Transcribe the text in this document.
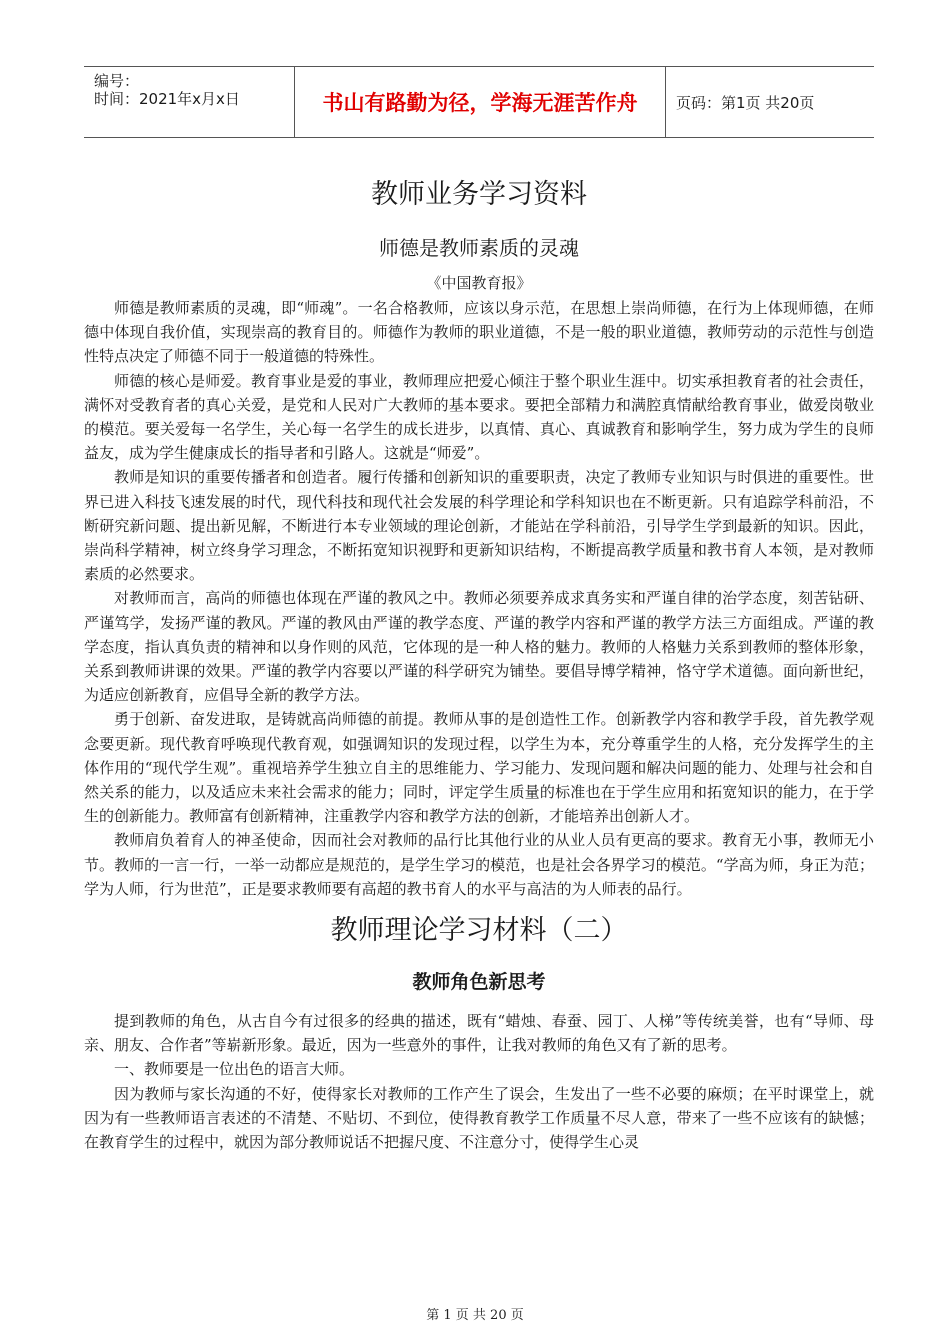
编号：
时间：2021年x月x日	书山有路勤为径，学海无涯苦作舟	页码：第1页 共20页
教师业务学习资料
师德是教师素质的灵魂
《中国教育报》

师德是教师素质的灵魂，即“师魂”。一名合格教师，应该以身示范，在思想上崇尚师德，在行为上体现师德，在师德中体现自我价值，实现崇高的教育目的。师德作为教师的职业道德，不是一般的职业道德，教师劳动的示范性与创造性特点决定了师德不同于一般道德的特殊性。

师德的核心是师爱。教育事业是爱的事业，教师理应把爱心倾注于整个职业生涯中。切实承担教育者的社会责任，满怀对受教育者的真心关爱，是党和人民对广大教师的基本要求。要把全部精力和满腔真情献给教育事业，做爱岗敬业的模范。要关爱每一名学生，关心每一名学生的成长进步，以真情、真心、真诚教育和影响学生，努力成为学生的良师益友，成为学生健康成长的指导者和引路人。这就是“师爱”。

教师是知识的重要传播者和创造者。履行传播和创新知识的重要职责，决定了教师专业知识与时俱进的重要性。世界已进入科技飞速发展的时代，现代科技和现代社会发展的科学理论和学科知识也在不断更新。只有追踪学科前沿，不断研究新问题、提出新见解，不断进行本专业领域的理论创新，才能站在学科前沿，引导学生学到最新的知识。因此，崇尚科学精神，树立终身学习理念，不断拓宽知识视野和更新知识结构，不断提高教学质量和教书育人本领，是对教师素质的必然要求。

对教师而言，高尚的师德也体现在严谨的教风之中。教师必须要养成求真务实和严谨自律的治学态度，刻苦钻研、严谨笃学，发扬严谨的教风。严谨的教风由严谨的教学态度、严谨的教学内容和严谨的教学方法三方面组成。严谨的教学态度，指认真负责的精神和以身作则的风范，它体现的是一种人格的魅力。教师的人格魅力关系到教师的整体形象，关系到教师讲课的效果。严谨的教学内容要以严谨的科学研究为铺垫。要倡导博学精神，恪守学术道德。面向新世纪，为适应创新教育，应倡导全新的教学方法。

勇于创新、奋发进取，是铸就高尚师德的前提。教师从事的是创造性工作。创新教学内容和教学手段，首先教学观念要更新。现代教育呼唤现代教育观，如强调知识的发现过程，以学生为本，充分尊重学生的人格，充分发挥学生的主体作用的“现代学生观”。重视培养学生独立自主的思维能力、学习能力、发现问题和解决问题的能力、处理与社会和自然关系的能力，以及适应未来社会需求的能力；同时，评定学生质量的标准也在于学生应用和拓宽知识的能力，在于学生的创新能力。教师富有创新精神，注重教学内容和教学方法的创新，才能培养出创新人才。

教师肩负着育人的神圣使命，因而社会对教师的品行比其他行业的从业人员有更高的要求。教育无小事，教师无小节。教师的一言一行，一举一动都应是规范的，是学生学习的模范，也是社会各界学习的模范。“学高为师，身正为范；学为人师，行为世范”，正是要求教师要有高超的教书育人的水平与高洁的为人师表的品行。

教师理论学习材料（二）
教师角色新思考

提到教师的角色，从古自今有过很多的经典的描述，既有“蜡烛、春蚕、园丁、人梯”等传统美誉，也有“导师、母亲、朋友、合作者”等崭新形象。最近，因为一些意外的事件，让我对教师的角色又有了新的思考。

一、教师要是一位出色的语言大师。

因为教师与家长沟通的不好，使得家长对教师的工作产生了误会，生发出了一些不必要的麻烦；在平时课堂上，就因为有一些教师语言表述的不清楚、不贴切、不到位，使得教育教学工作质量不尽人意，带来了一些不应该有的缺憾；在教育学生的过程中，就因为部分教师说话不把握尺度、不注意分寸，使得学生心灵

第 1 页 共 20 页
